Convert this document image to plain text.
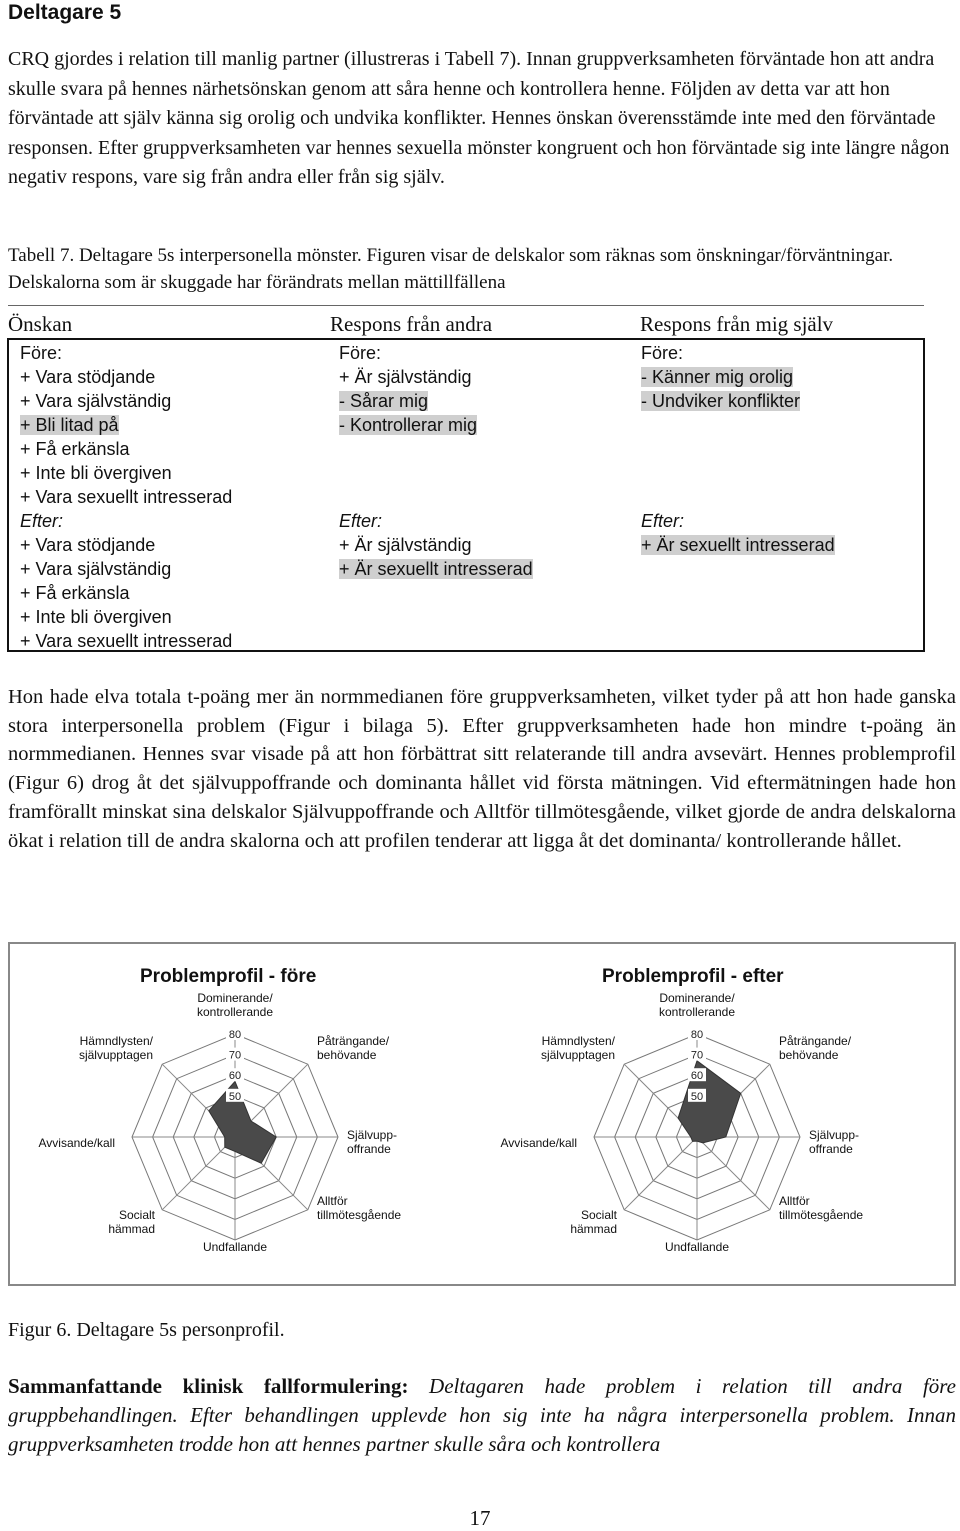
Deltagare 5

CRQ gjordes i relation till manlig partner (illustreras i Tabell 7). Innan gruppverksamheten förväntade hon att andra skulle svara på hennes närhetsönskan genom att såra henne och kontrollera henne. Följden av detta var att hon förväntade att själv känna sig orolig och undvika konflikter. Hennes önskan överensstämde inte med den förväntade responsen. Efter gruppverksamheten var hennes sexuella mönster kongruent och hon förväntade sig inte längre någon negativ respons, vare sig från andra eller från sig själv.

Tabell 7. Deltagare 5s interpersonella mönster. Figuren visar de delskalor som räknas som önskningar/förväntningar. Delskalorna som är skuggade har förändrats mellan mättillfällena

Önskan	Respons från andra	Respons från mig själv
Före:
+ Vara stödjande
+ Vara självständig
+ Bli litad på
+ Få erkänsla
+ Inte bli övergiven
+ Vara sexuellt intresserad
Efter:
+ Vara stödjande
+ Vara självständig
+ Få erkänsla
+ Inte bli övergiven
+ Vara sexuellt intresserad
Före:
+ Är självständig
- Sårar mig
- Kontrollerar mig
Efter:
+ Är självständig
+ Är sexuellt intresserad
Före:
- Känner mig orolig
- Undviker konflikter
Efter:
+ Är sexuellt intresserad

Hon hade elva totala t-poäng mer än normmedianen före gruppverksamheten, vilket tyder på att hon hade ganska stora interpersonella problem (Figur i bilaga 5). Efter gruppverksamheten hade hon mindre t-poäng än normmedianen. Hennes svar visade på att hon förbättrat sitt relaterande till andra avsevärt. Hennes problemprofil (Figur 6) drog åt det självuppoffrande och dominanta hållet vid första mätningen. Vid eftermätningen hade hon framförallt minskat sina delskalor Självuppoffrande och Alltför tillmötesgående, vilket gjorde de andra delskalorna ökat i relation till de andra skalorna och att profilen tenderar att ligga åt det dominanta/ kontrollerande hållet.

Problemprofil - före
50
60
70
80
Dominerande/ kontrollerande
Påträngande/ behövande
Självupp-offrande
Alltför tillmötesgående
Undfallande
Socialt hämmad
Avvisande/kall
Hämndlysten/ självupptagen
Problemprofil - efter
50
60
70
80
Dominerande/ kontrollerande
Påträngande/ behövande
Självupp-offrande
Alltför tillmötesgående
Undfallande
Socialt hämmad
Avvisande/kall
Hämndlysten/ självupptagen

Figur 6. Deltagare 5s personprofil.

Sammanfattande klinisk fallformulering: Deltagaren hade problem i relation till andra före gruppbehandlingen. Efter behandlingen upplevde hon sig inte ha några interpersonella problem. Innan gruppverksamheten trodde hon att hennes partner skulle såra och kontrollera

17
